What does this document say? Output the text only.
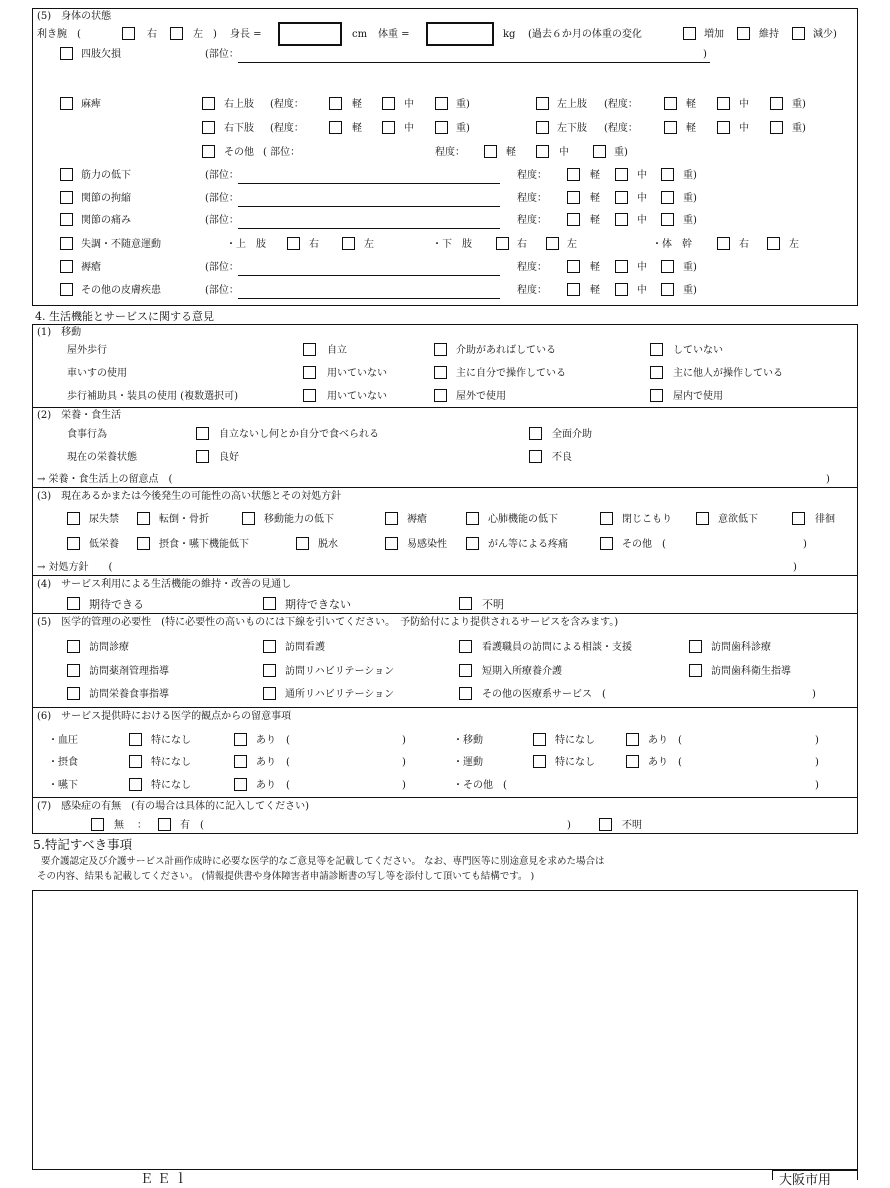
(5)　身体の状態
利き腕　(	右	左 ) 身長 =	cm 体重 =	kg (過去６か月の体重の変化	増加	維持	減少)
四肢欠損	(部位：	)
麻痺	右上肢 (程度：	軽	中	重)	左上肢 (程度：	軽	中	重)
右下肢 (程度：	軽	中	重)	左下肢 (程度：	軽	中	重)
その他 ( 部位：	程度：	軽	中	重)
筋力の低下	(部位：	程度：	軽	中	重)
関節の拘縮	(部位：	程度：	軽	中	重)
関節の痛み	(部位：	程度：	軽	中	重)
失調・不随意運動	・上　肢	右	左	・下　肢	右	左	・体　幹	右	左
褥瘡	(部位：	程度：	軽	中	重)
その他の皮膚疾患	(部位：	程度：	軽	中	重)
4. 生活機能とサービスに関する意見
(1)　移動
屋外歩行	自立	介助があればしている	していない
車いすの使用	用いていない	主に自分で操作している	主に他人が操作している
歩行補助具・装具の使用 (複数選択可)	用いていない	屋外で使用	屋内で使用
(2)　栄養・食生活
食事行為	自立ないし何とか自分で食べられる	全面介助
現在の栄養状態	良好	不良
→ 栄養・食生活上の留意点　(	)
(3)　現在あるかまたは今後発生の可能性の高い状態とその対処方針
尿失禁	転倒・骨折	移動能力の低下	褥瘡	心肺機能の低下	閉じこもり	意欲低下	徘徊
低栄養	摂食・嚥下機能低下	脱水	易感染性	がん等による疼痛	その他　(	)
→ 対処方針　　(	)
(4)　サービス利用による生活機能の維持・改善の見通し
期待できる	期待できない	不明
(5)　医学的管理の必要性　(特に必要性の高いものには下線を引いてください。　予防給付により提供されるサービスを含みます。)
訪問診療	訪問看護	看護職員の訪問による相談・支援	訪問歯科診療
訪問薬剤管理指導	訪問リハビリテーション	短期入所療養介護	訪問歯科衛生指導
訪問栄養食事指導	通所リハビリテーション	その他の医療系サービス　(	)
(6)　サービス提供時における医学的観点からの留意事項
・血圧	特になし	あり　(	)	・移動	特になし	あり　(	)
・摂食	特になし	あり　(	)	・運動	特になし	あり　(	)
・嚥下	特になし	あり　(	)	・その他　(	)
(7)　感染症の有無　(有の場合は具体的に記入してください)
無 ：	有　(	)	不明
5.特記すべき事項
要介護認定及び介護サービス計画作成時に必要な医学的なご意見等を記載してください。 なお、専門医等に別途意見を求めた場合は
その内容、結果も記載してください。 (情報提供書や身体障害者申請診断書の写し等を添付して頂いても結構です。 )
Ｅ Ｅ ｌ	大阪市用
